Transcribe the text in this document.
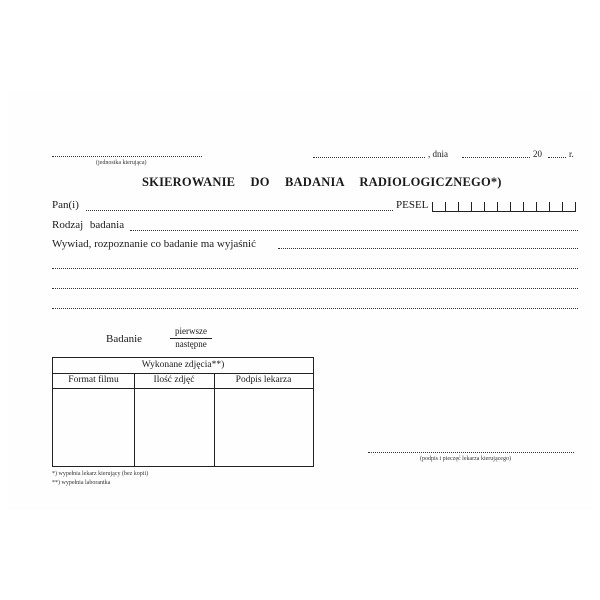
(jednostka kierująca)
, dnia	20	r.
SKIEROWANIE DO BADANIA RADIOLOGICZNEGO*)
Pan(i)	PESEL
Rodzaj badania
Wywiad, rozpoznanie co badanie ma wyjaśnić
Badanie
pierwsze
następne
Wykonane zdjęcia**)
Format filmu	Ilość zdjęć	Podpis lekarza
(podpis i pieczęć lekarza kierującego)
*) wypełnia lekarz kierujący (bez kopii)
**) wypełnia laborantka
